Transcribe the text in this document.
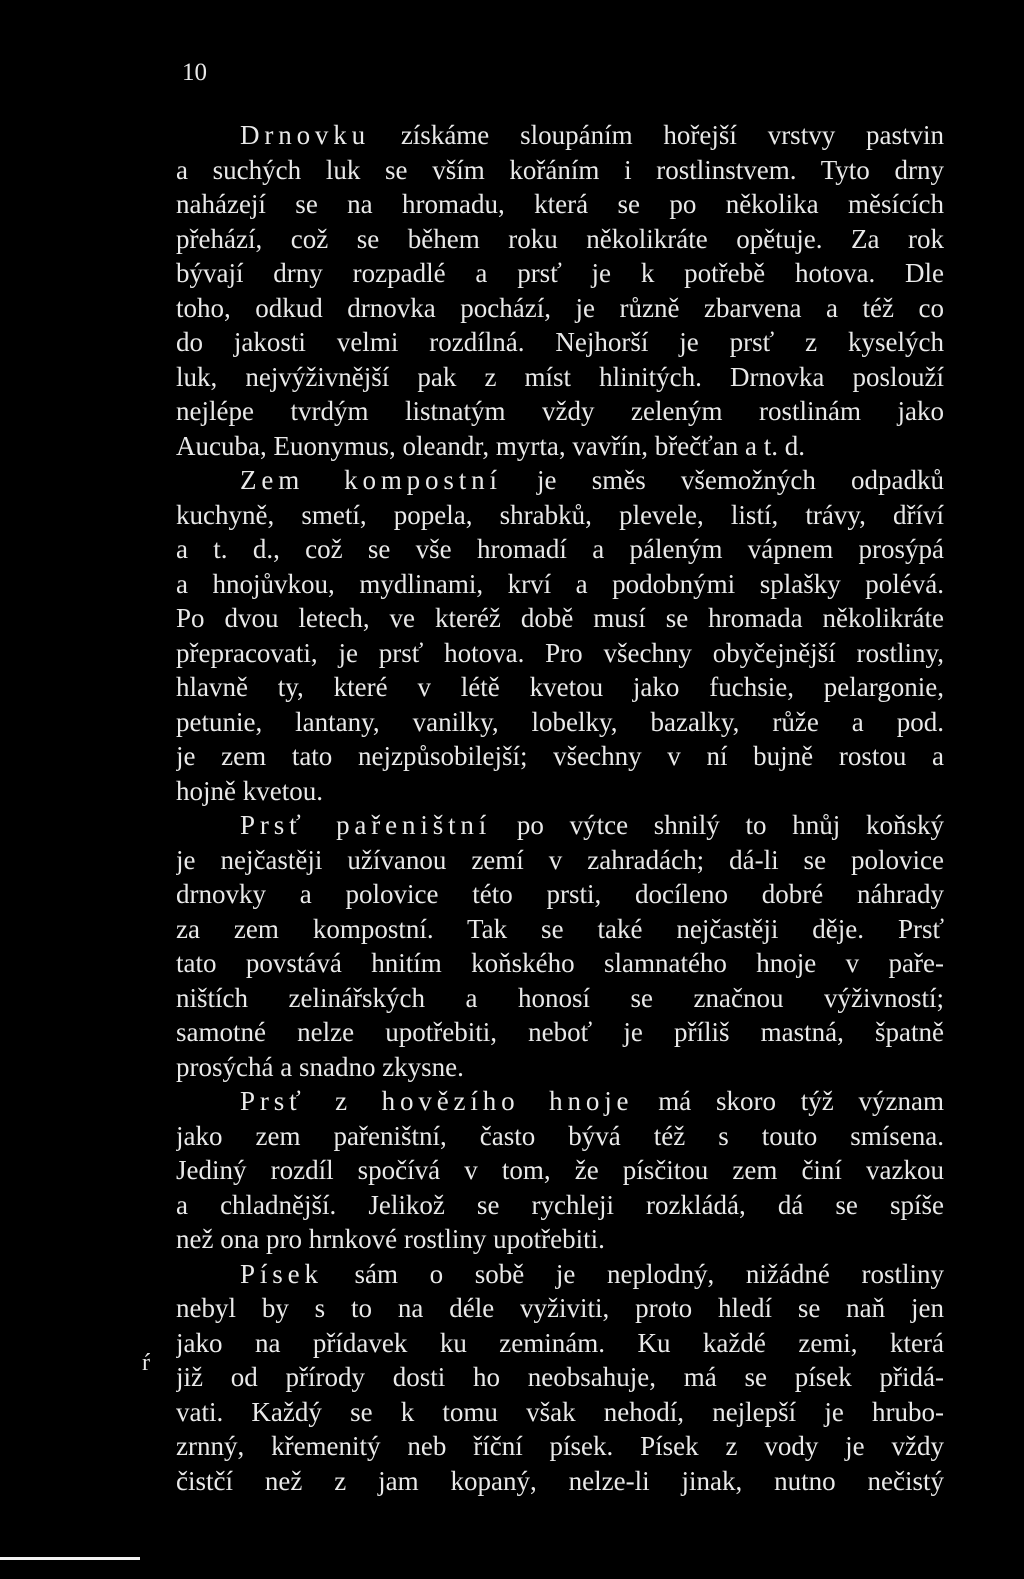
10
ŕ
Drnovku získáme sloupáním hořejší vrstvy pastvin
a suchých luk se vším kořáním i rostlinstvem. Tyto drny
naházejí se na hromadu, která se po několika měsících
přehází, což se během roku několikráte opětuje. Za rok
bývají drny rozpadlé a prsť je k potřebě hotova. Dle
toho, odkud drnovka pochází, je různě zbarvena a též co
do jakosti velmi rozdílná. Nejhorší je prsť z kyselých
luk, nejvýživnější pak z míst hlinitých. Drnovka poslouží
nejlépe tvrdým listnatým vždy zeleným rostlinám jako
Aucuba, Euonymus, oleandr, myrta, vavřín, břečťan a t. d.
Zem kompostní je směs všemožných odpadků
kuchyně, smetí, popela, shrabků, plevele, listí, trávy, dříví
a t. d., což se vše hromadí a páleným vápnem prosýpá
a hnojůvkou, mydlinami, krví a podobnými splašky polévá.
Po dvou letech, ve kteréž době musí se hromada několikráte
přepracovati, je prsť hotova. Pro všechny obyčejnější rostliny,
hlavně ty, které v létě kvetou jako fuchsie, pelargonie,
petunie, lantany, vanilky, lobelky, bazalky, růže a pod.
je zem tato nejzpůsobilejší; všechny v ní bujně rostou a
hojně kvetou.
Prsť pařeništní po výtce shnilý to hnůj koňský
je nejčastěji užívanou zemí v zahradách; dá-li se polovice
drnovky a polovice této prsti, docíleno dobré náhrady
za zem kompostní. Tak se také nejčastěji děje. Prsť
tato povstává hnitím koňského slamnatého hnoje v paře-
ništích zelinářských a honosí se značnou výživností;
samotné nelze upotřebiti, neboť je příliš mastná, špatně
prosýchá a snadno zkysne.
Prsť z hovězího hnoje má skoro týž význam
jako zem pařeništní, často bývá též s touto smísena.
Jediný rozdíl spočívá v tom, že písčitou zem činí vazkou
a chladnější. Jelikož se rychleji rozkládá, dá se spíše
než ona pro hrnkové rostliny upotřebiti.
Písek sám o sobě je neplodný, nižádné rostliny
nebyl by s to na déle vyživiti, proto hledí se naň jen
jako na přídavek ku zeminám. Ku každé zemi, která
již od přírody dosti ho neobsahuje, má se písek přidá-
vati. Každý se k tomu však nehodí, nejlepší je hrubo-
zrnný, křemenitý neb říční písek. Písek z vody je vždy
čistčí než z jam kopaný, nelze-li jinak, nutno nečistý
